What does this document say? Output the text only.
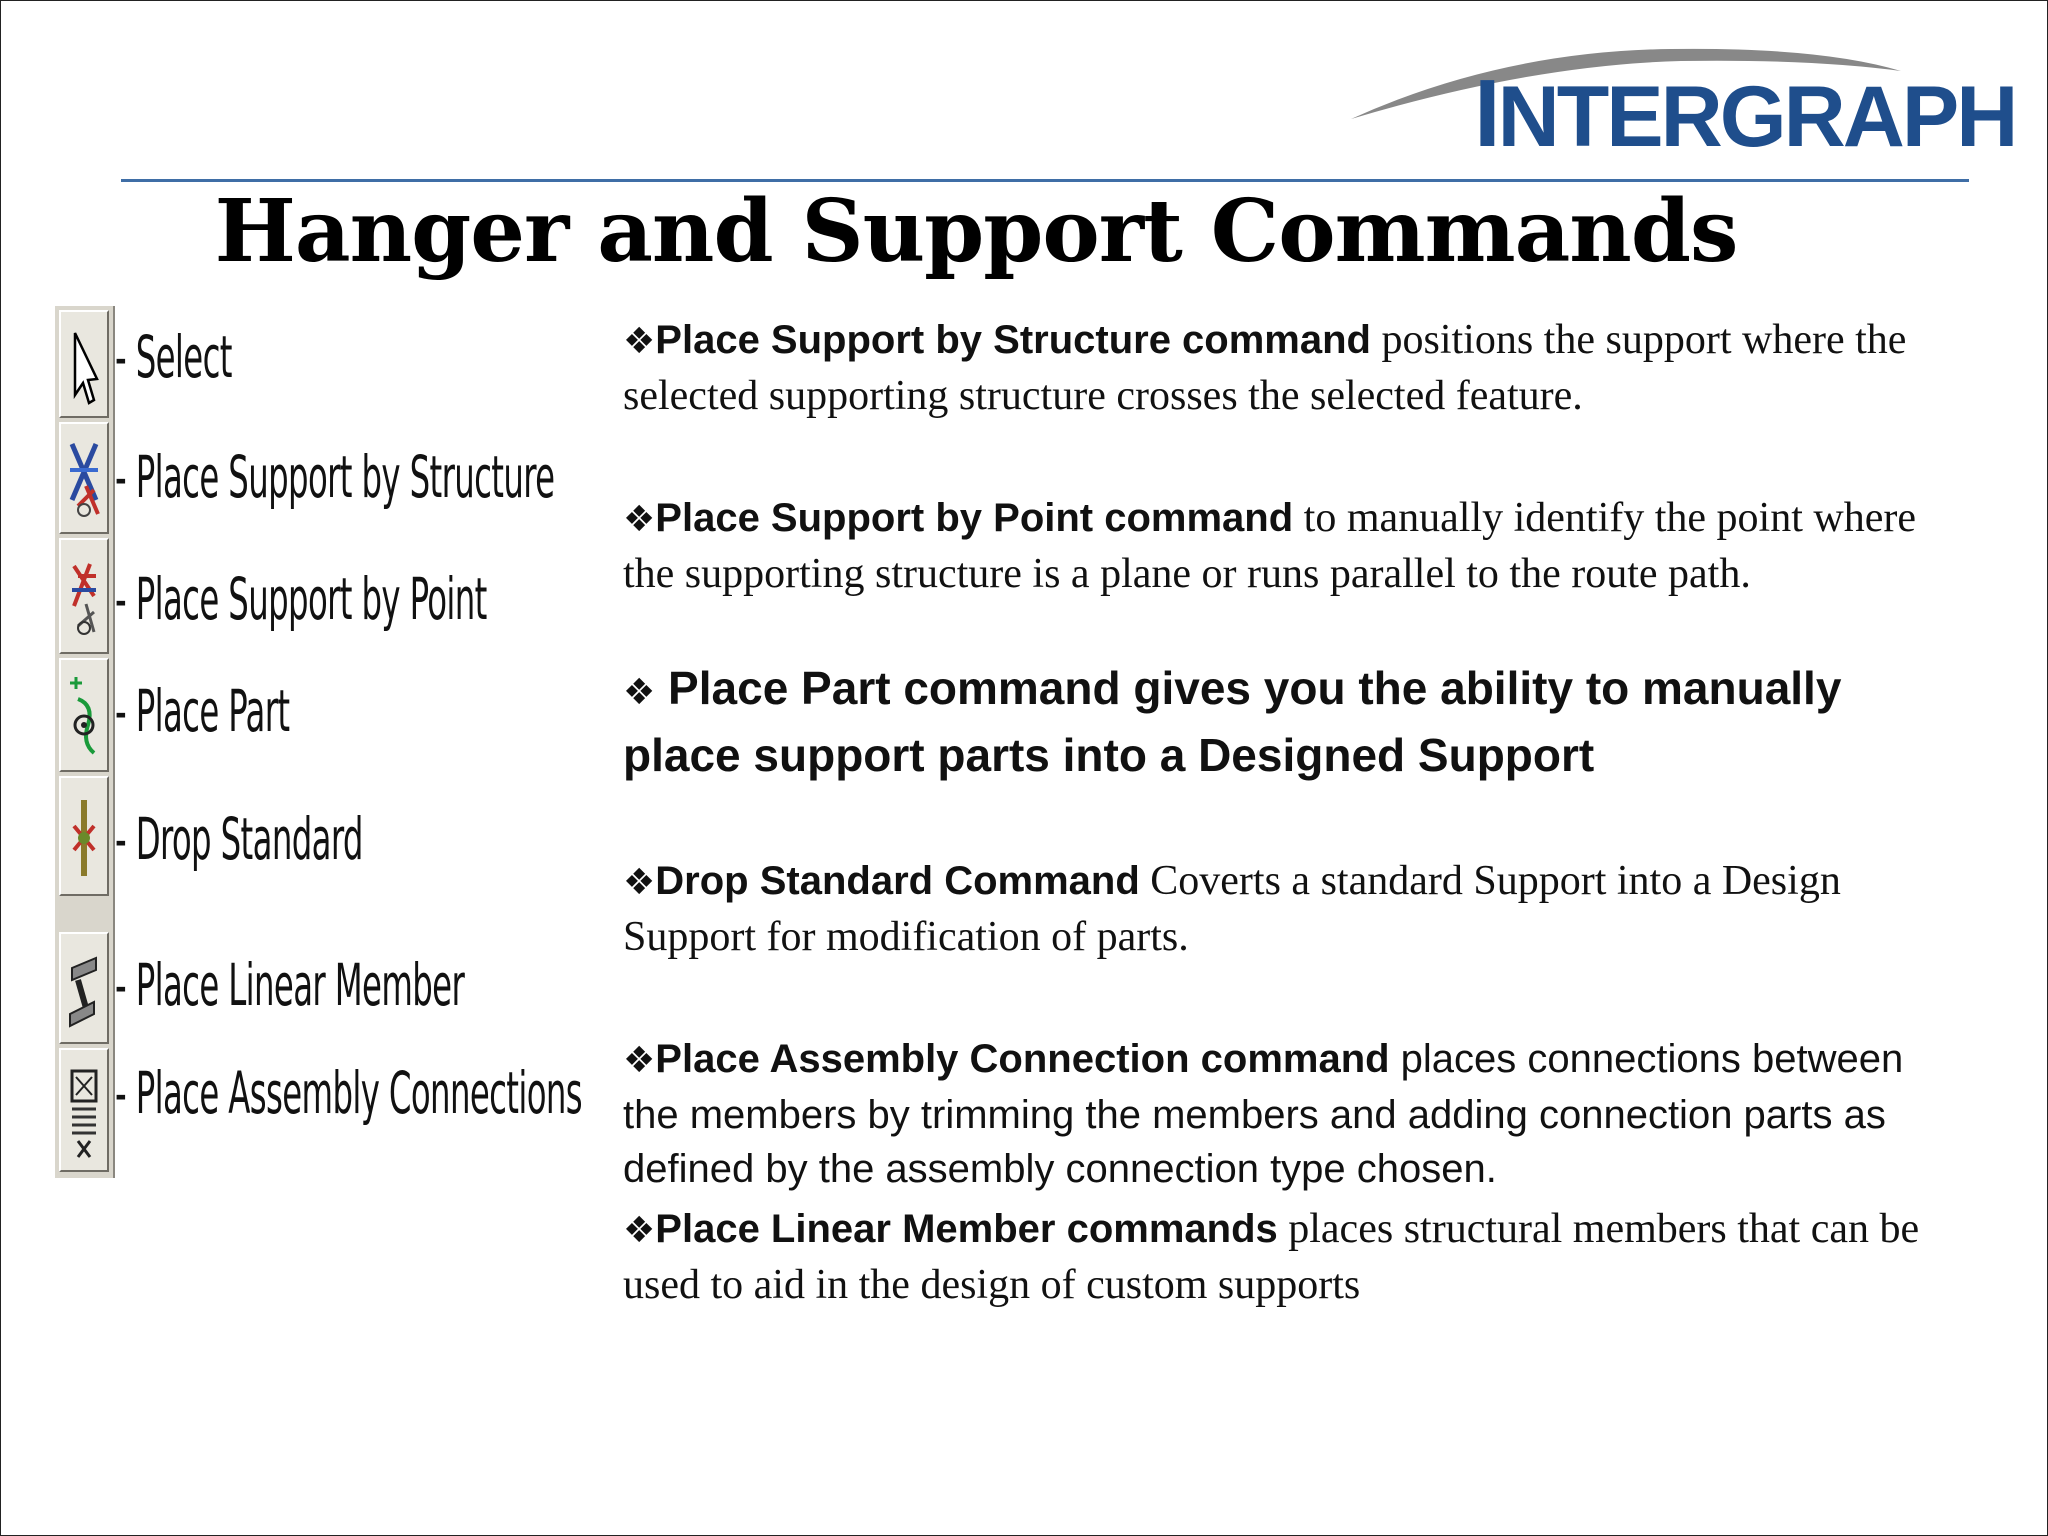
INTERGRAPH
Hanger and Support Commands
- Select
- Place Support by Structure
- Place Support by Point
- Place Part
- Drop Standard
- Place Linear Member
- Place Assembly Connections

❖Place Support by Structure command positions the support where the selected supporting structure crosses the selected feature.

❖Place Support by Point command to manually identify the point where the supporting structure is a plane or runs parallel to the route path.

❖ Place Part command gives you the ability to manually place support parts into a Designed Support

❖Drop Standard Command Coverts a standard Support into a Design Support for modification of parts.

❖Place Assembly Connection command places connections between the members by trimming the members and adding connection parts as defined by the assembly connection type chosen.

❖Place Linear Member commands places structural members that can be used to aid in the design of custom supports
